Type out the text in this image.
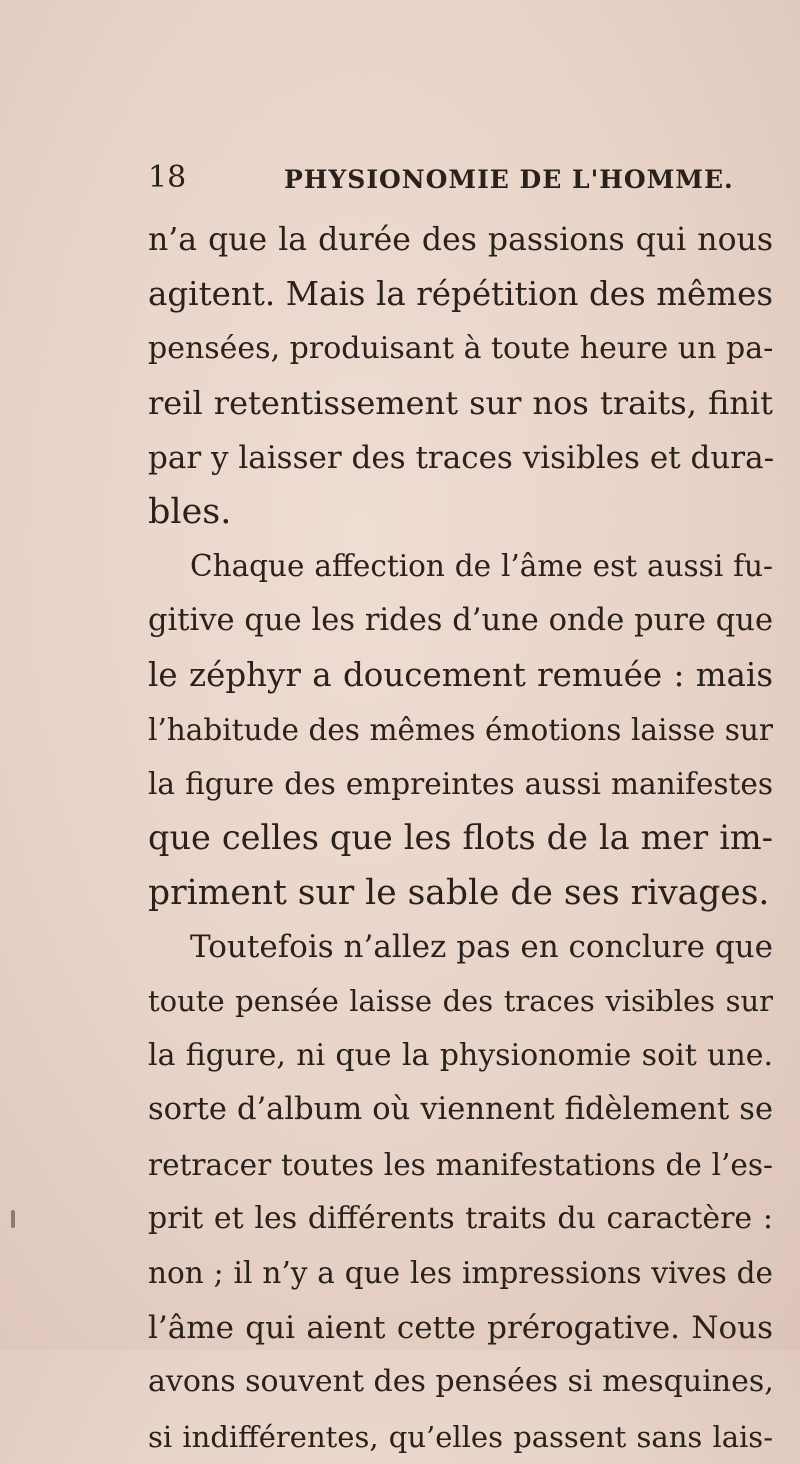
18	PHYSIONOMIE DE L'HOMME.
n’a que la durée des passions qui nous
agitent. Mais la répétition des mêmes
pensées, produisant à toute heure un pa-
reil retentissement sur nos traits, finit
par y laisser des traces visibles et dura-
bles.
Chaque affection de l’âme est aussi fu-
gitive que les rides d’une onde pure que
le zéphyr a doucement remuée : mais
l’habitude des mêmes émotions laisse sur
la figure des empreintes aussi manifestes
que celles que les flots de la mer im-
priment sur le sable de ses rivages.
Toutefois n’allez pas en conclure que
toute pensée laisse des traces visibles sur
la figure, ni que la physionomie soit une.
sorte d’album où viennent fidèlement se
retracer toutes les manifestations de l’es-
prit et les différents traits du caractère :
non ; il n’y a que les impressions vives de
l’âme qui aient cette prérogative. Nous
avons souvent des pensées si mesquines,
si indifférentes, qu’elles passent sans lais-
